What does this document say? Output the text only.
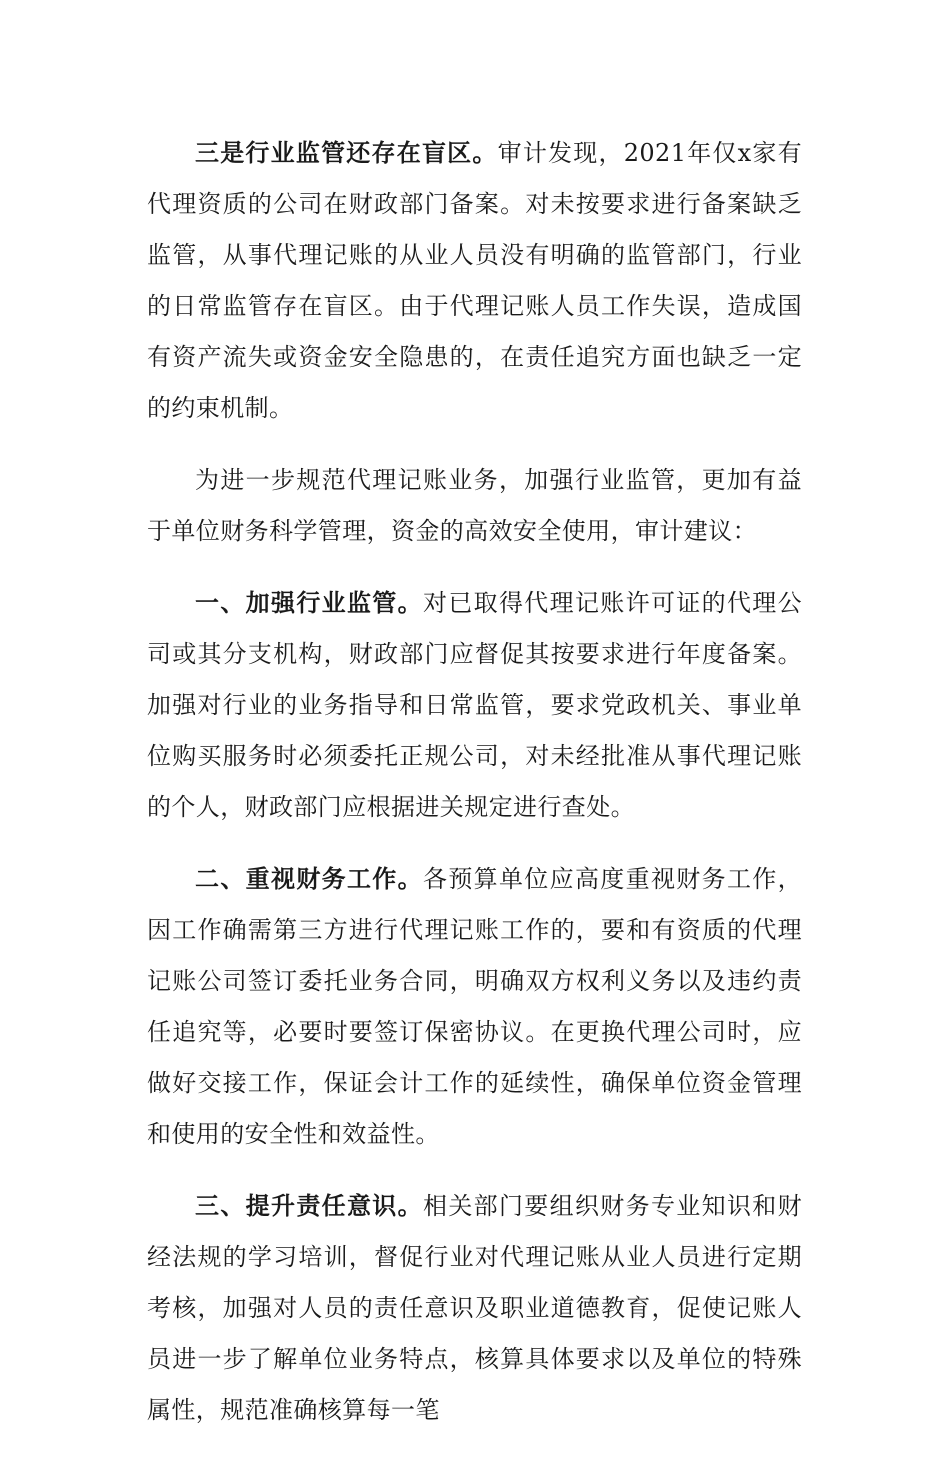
三是行业监管还存在盲区。审计发现，2021年仅x家有代理资质的公司在财政部门备案。对未按要求进行备案缺乏监管，从事代理记账的从业人员没有明确的监管部门，行业的日常监管存在盲区。由于代理记账人员工作失误，造成国有资产流失或资金安全隐患的，在责任追究方面也缺乏一定的约束机制。

为进一步规范代理记账业务，加强行业监管，更加有益于单位财务科学管理，资金的高效安全使用，审计建议：

一、加强行业监管。对已取得代理记账许可证的代理公司或其分支机构，财政部门应督促其按要求进行年度备案。加强对行业的业务指导和日常监管，要求党政机关、事业单位购买服务时必须委托正规公司，对未经批准从事代理记账的个人，财政部门应根据进关规定进行查处。

二、重视财务工作。各预算单位应高度重视财务工作，因工作确需第三方进行代理记账工作的，要和有资质的代理记账公司签订委托业务合同，明确双方权利义务以及违约责任追究等，必要时要签订保密协议。在更换代理公司时，应做好交接工作，保证会计工作的延续性，确保单位资金管理和使用的安全性和效益性。

三、提升责任意识。相关部门要组织财务专业知识和财经法规的学习培训，督促行业对代理记账从业人员进行定期考核，加强对人员的责任意识及职业道德教育，促使记账人员进一步了解单位业务特点，核算具体要求以及单位的特殊属性，规范准确核算每一笔
